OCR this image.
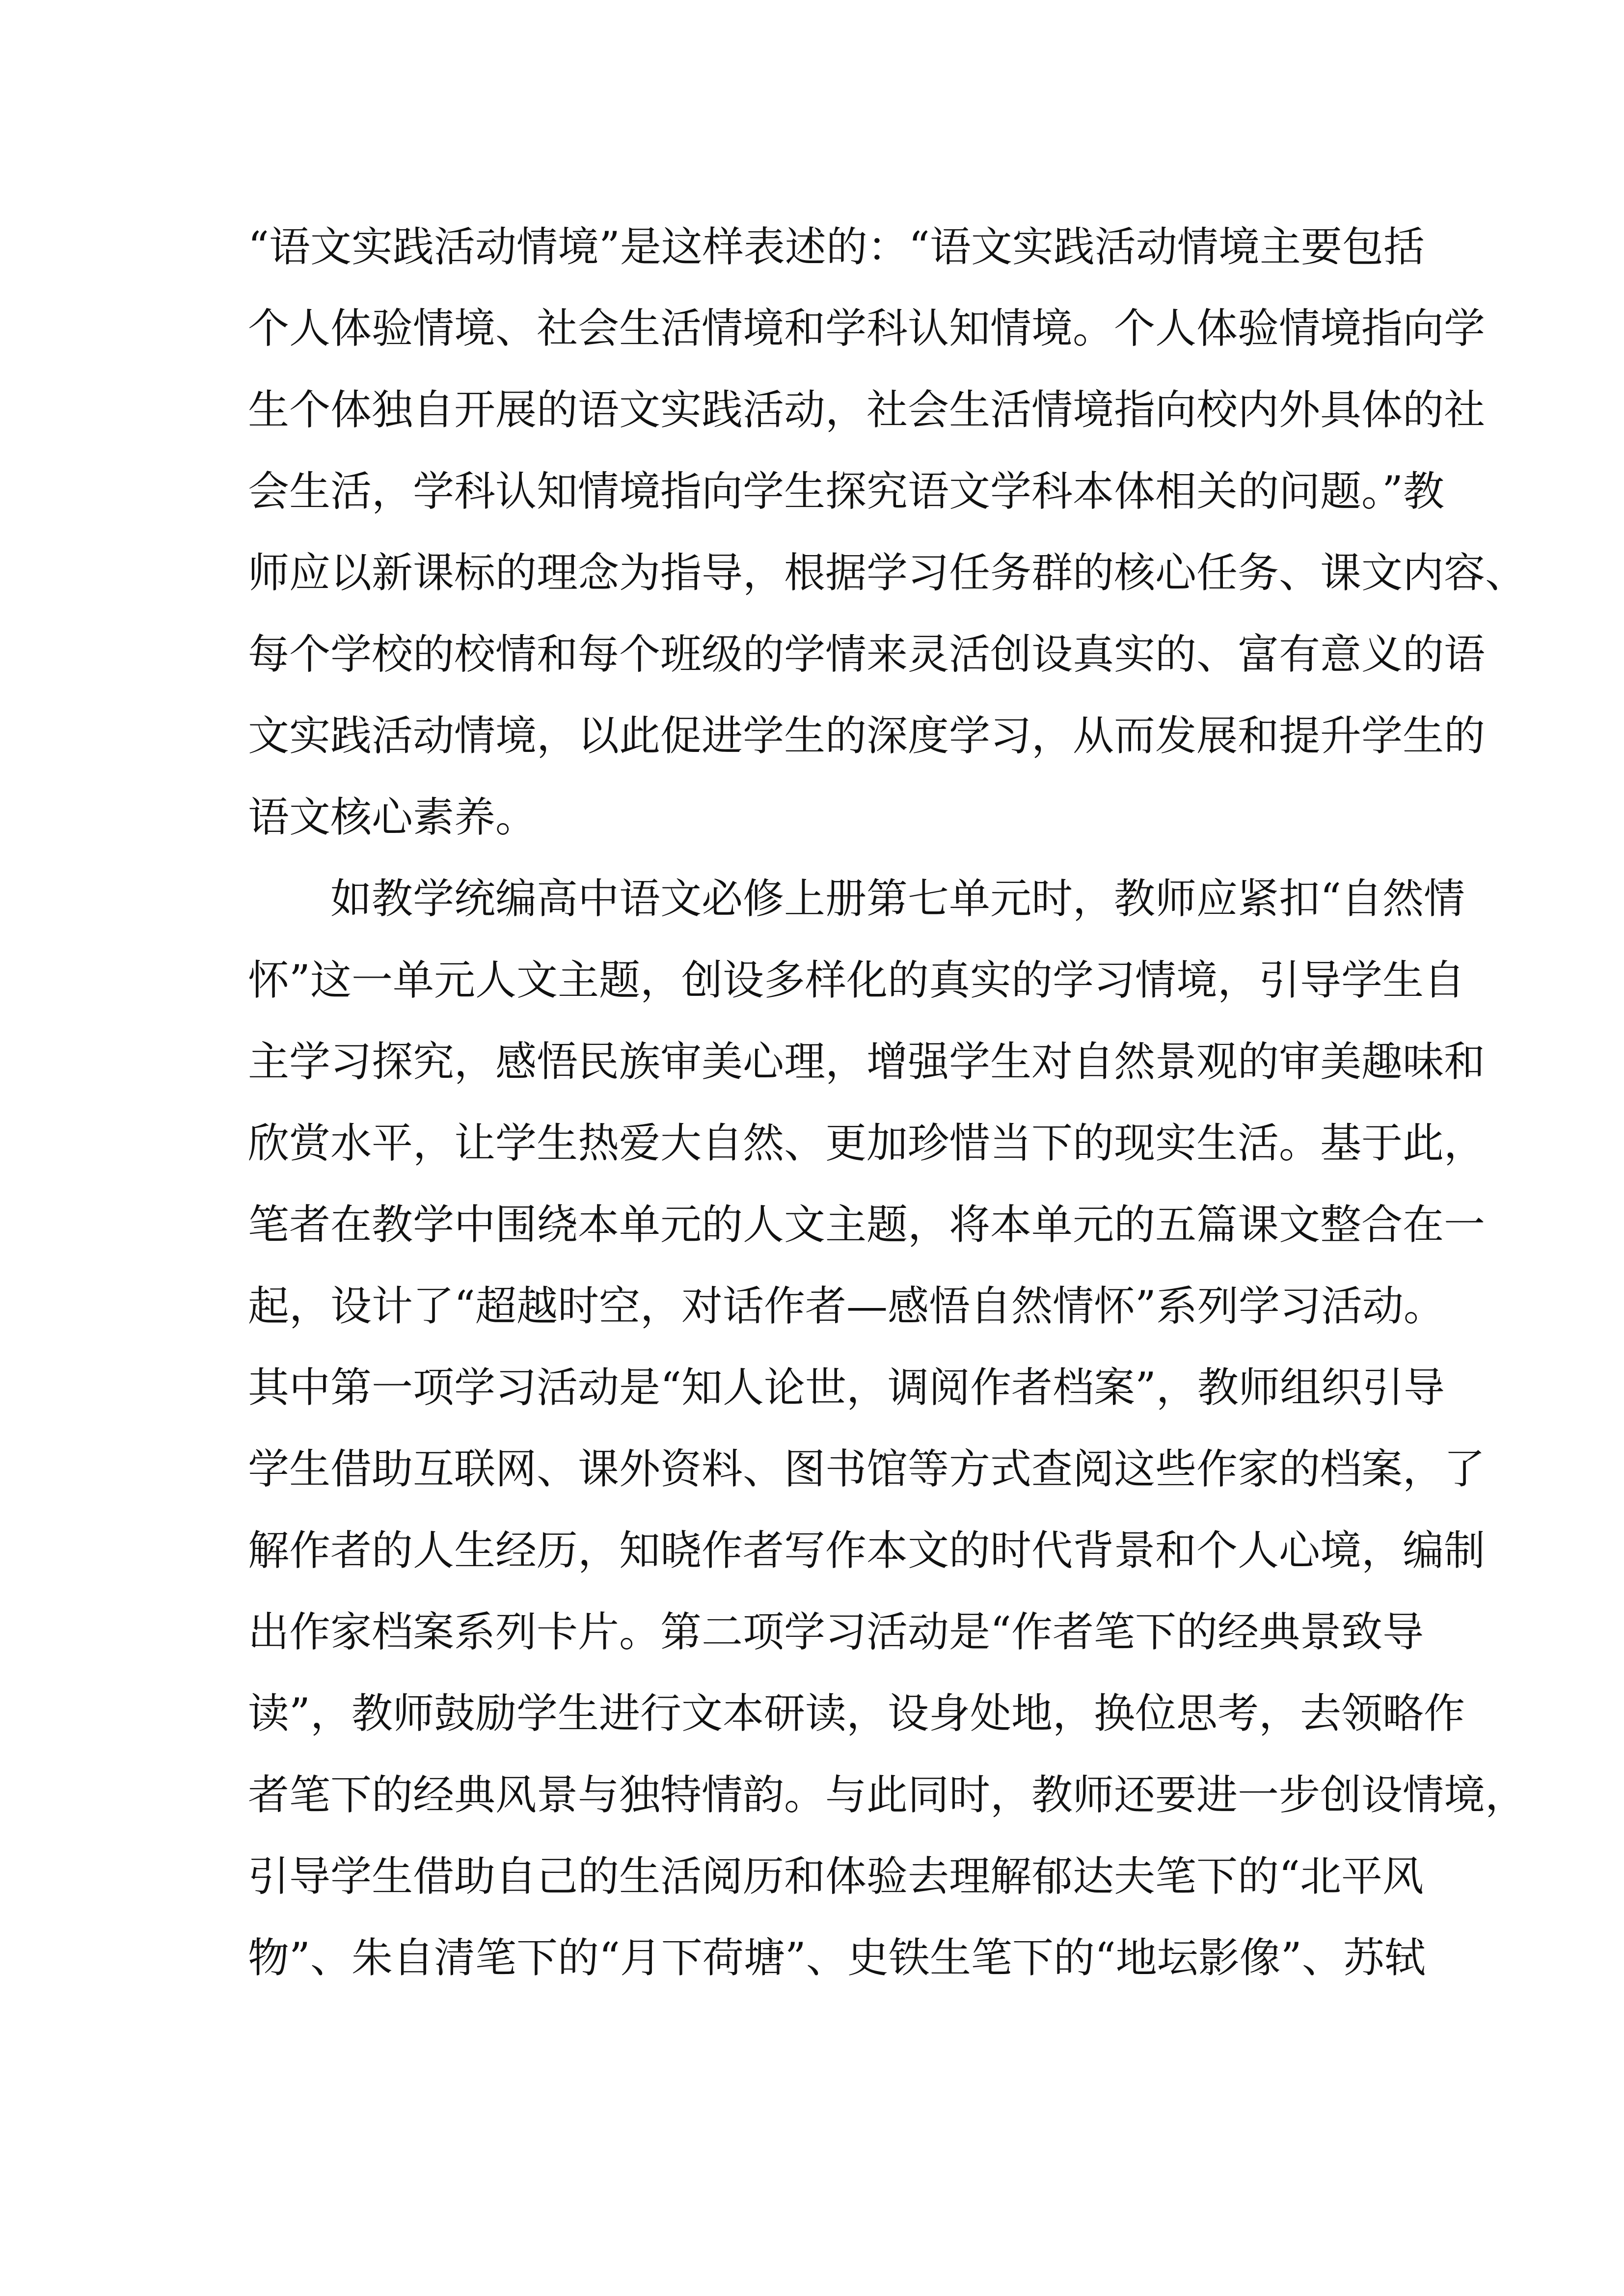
“语文实践活动情境”是这样表述的：“语文实践活动情境主要包括
个人体验情境、社会生活情境和学科认知情境。个人体验情境指向学
生个体独自开展的语文实践活动，社会生活情境指向校内外具体的社
会生活，学科认知情境指向学生探究语文学科本体相关的问题。”教
师应以新课标的理念为指导，根据学习任务群的核心任务、课文内容、
每个学校的校情和每个班级的学情来灵活创设真实的、富有意义的语
文实践活动情境，以此促进学生的深度学习，从而发展和提升学生的
语文核心素养。
如教学统编高中语文必修上册第七单元时，教师应紧扣“自然情
怀”这一单元人文主题，创设多样化的真实的学习情境，引导学生自
主学习探究，感悟民族审美心理，增强学生对自然景观的审美趣味和
欣赏水平，让学生热爱大自然、更加珍惜当下的现实生活。基于此，
笔者在教学中围绕本单元的人文主题，将本单元的五篇课文整合在一
起，设计了“超越时空，对话作者—感悟自然情怀”系列学习活动。
其中第一项学习活动是“知人论世，调阅作者档案”，教师组织引导
学生借助互联网、课外资料、图书馆等方式查阅这些作家的档案，了
解作者的人生经历，知晓作者写作本文的时代背景和个人心境，编制
出作家档案系列卡片。第二项学习活动是“作者笔下的经典景致导
读”，教师鼓励学生进行文本研读，设身处地，换位思考，去领略作
者笔下的经典风景与独特情韵。与此同时，教师还要进一步创设情境，
引导学生借助自己的生活阅历和体验去理解郁达夫笔下的“北平风
物”、朱自清笔下的“月下荷塘”、史铁生笔下的“地坛影像”、苏轼
